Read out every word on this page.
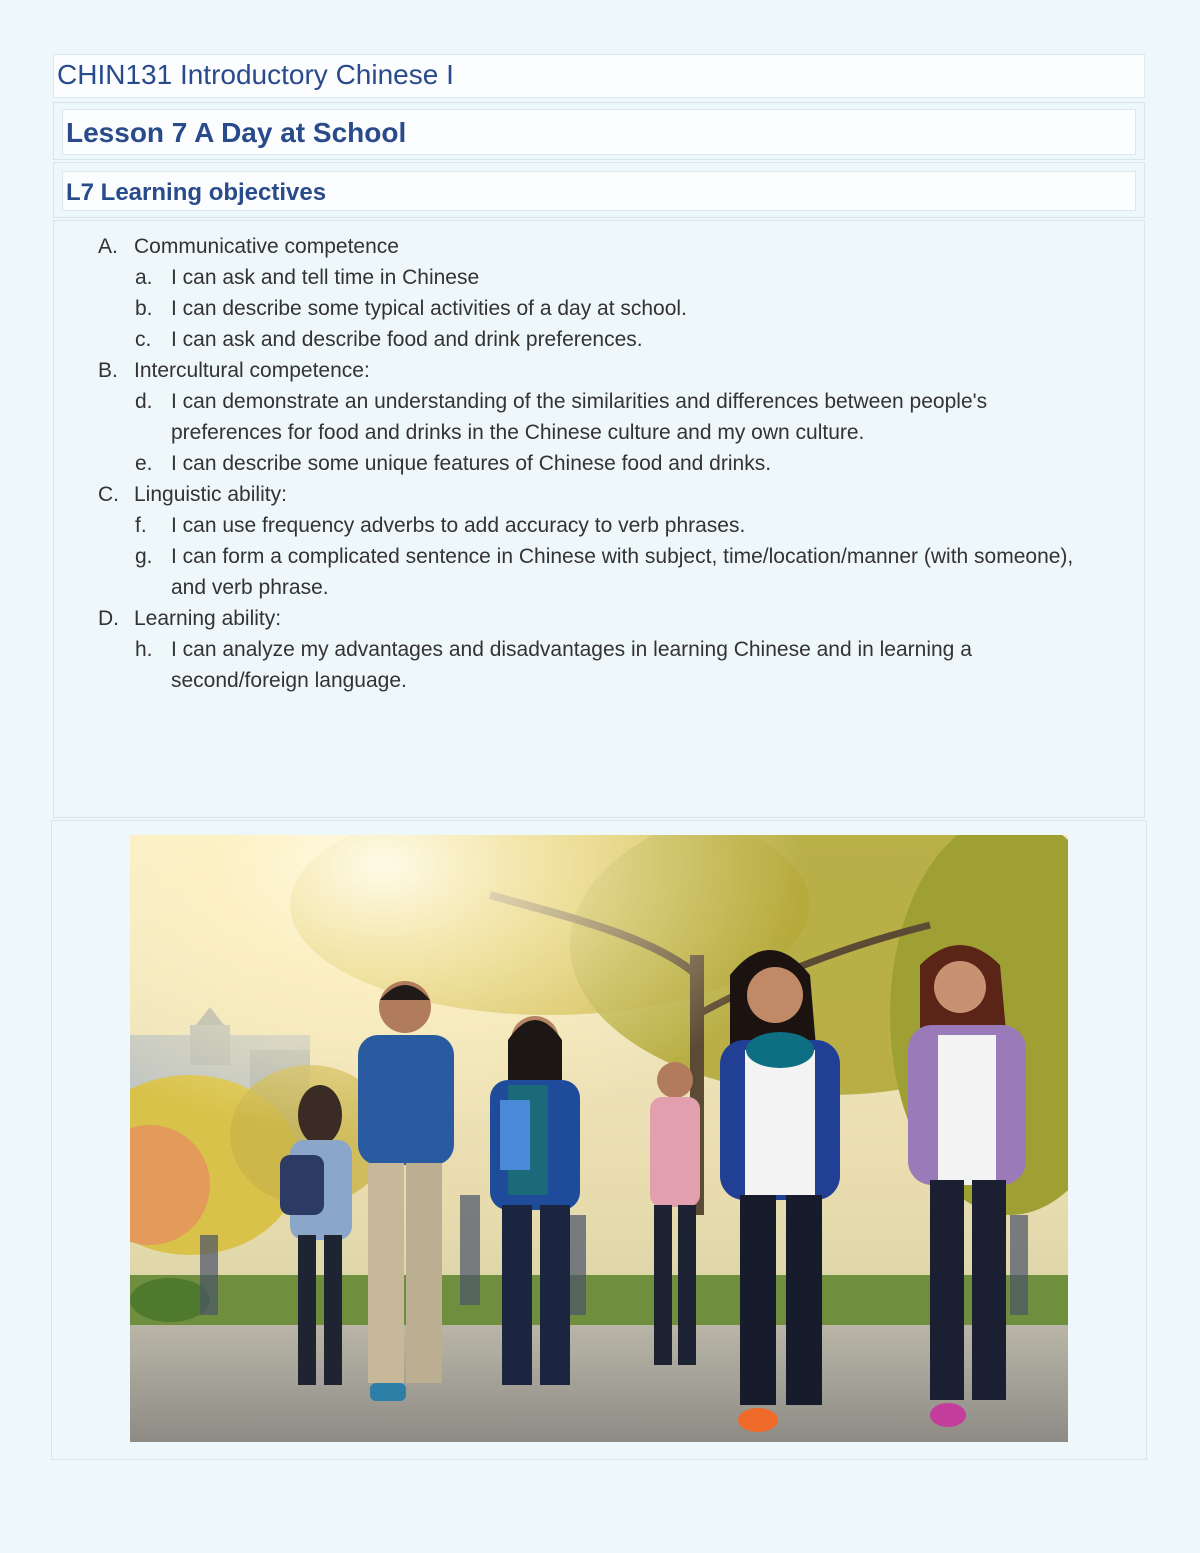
CHIN131 Introductory Chinese I
Lesson 7 A Day at School
L7 Learning objectives
A. Communicative competence
a. I can ask and tell time in Chinese
b. I can describe some typical activities of a day at school.
c. I can ask and describe food and drink preferences.
B. Intercultural competence:
d. I can demonstrate an understanding of the similarities and differences between people's preferences for food and drinks in the Chinese culture and my own culture.
e. I can describe some unique features of Chinese food and drinks.
C. Linguistic ability:
f. I can use frequency adverbs to add accuracy to verb phrases.
g. I can form a complicated sentence in Chinese with subject, time/location/manner (with someone), and verb phrase.
D. Learning ability:
h. I can analyze my advantages and disadvantages in learning Chinese and in learning a second/foreign language.
